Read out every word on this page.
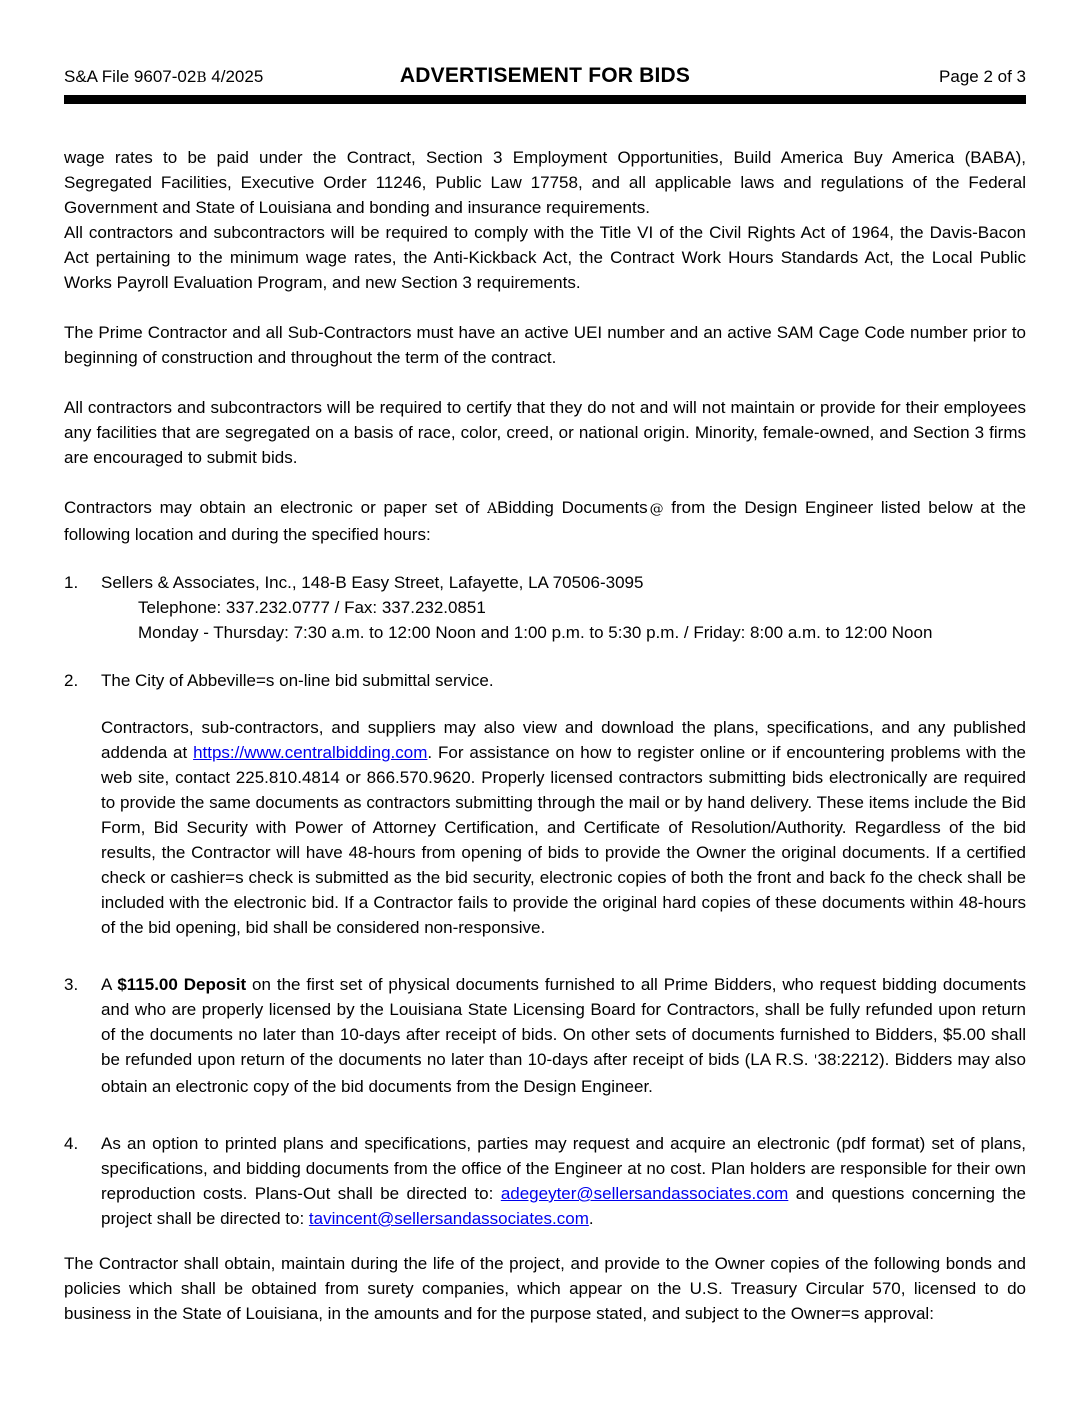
S&A File 9607-02B 4/2025	ADVERTISEMENT FOR BIDS	Page 2 of 3

wage rates to be paid under the Contract, Section 3 Employment Opportunities, Build America Buy America (BABA), Segregated Facilities, Executive Order 11246, Public Law 17758, and all applicable laws and regulations of the Federal Government and State of Louisiana and bonding and insurance requirements.

All contractors and subcontractors will be required to comply with the Title VI of the Civil Rights Act of 1964, the Davis-Bacon Act pertaining to the minimum wage rates, the Anti-Kickback Act, the Contract Work Hours Standards Act, the Local Public Works Payroll Evaluation Program, and new Section 3 requirements.

The Prime Contractor and all Sub-Contractors must have an active UEI number and an active SAM Cage Code number prior to beginning of construction and throughout the term of the contract.

All contractors and subcontractors will be required to certify that they do not and will not maintain or provide for their employees any facilities that are segregated on a basis of race, color, creed, or national origin. Minority, female-owned, and Section 3 firms are encouraged to submit bids.

Contractors may obtain an electronic or paper set of ABidding Documents @ from the Design Engineer listed below at the following location and during the specified hours:

1.	Sellers & Associates, Inc., 148-B Easy Street, Lafayette, LA 70506-3095
Telephone: 337.232.0777 / Fax: 337.232.0851
Monday - Thursday: 7:30 a.m. to 12:00 Noon and 1:00 p.m. to 5:30 p.m. / Friday: 8:00 a.m. to 12:00 Noon
2.	The City of Abbeville=s on-line bid submittal service.
Contractors, sub-contractors, and suppliers may also view and download the plans, specifications, and any published addenda at https://www.centralbidding.com. For assistance on how to register online or if encountering problems with the web site, contact 225.810.4814 or 866.570.9620. Properly licensed contractors submitting bids electronically are required to provide the same documents as contractors submitting through the mail or by hand delivery. These items include the Bid Form, Bid Security with Power of Attorney Certification, and Certificate of Resolution/Authority. Regardless of the bid results, the Contractor will have 48-hours from opening of bids to provide the Owner the original documents. If a certified check or cashier=s check is submitted as the bid security, electronic copies of both the front and back fo the check shall be included with the electronic bid. If a Contractor fails to provide the original hard copies of these documents within 48-hours of the bid opening, bid shall be considered non-responsive.
3.	A $115.00 Deposit on the first set of physical documents furnished to all Prime Bidders, who request bidding documents and who are properly licensed by the Louisiana State Licensing Board for Contractors, shall be fully refunded upon return of the documents no later than 10-days after receipt of bids. On other sets of documents furnished to Bidders, $5.00 shall be refunded upon return of the documents no later than 10-days after receipt of bids (LA R.S. '38:2212). Bidders may also obtain an electronic copy of the bid documents from the Design Engineer.
4.	As an option to printed plans and specifications, parties may request and acquire an electronic (pdf format) set of plans, specifications, and bidding documents from the office of the Engineer at no cost. Plan holders are responsible for their own reproduction costs. Plans-Out shall be directed to: adegeyter@sellersandassociates.com and questions concerning the project shall be directed to: tavincent@sellersandassociates.com.

The Contractor shall obtain, maintain during the life of the project, and provide to the Owner copies of the following bonds and policies which shall be obtained from surety companies, which appear on the U.S. Treasury Circular 570, licensed to do business in the State of Louisiana, in the amounts and for the purpose stated, and subject to the Owner=s approval:
